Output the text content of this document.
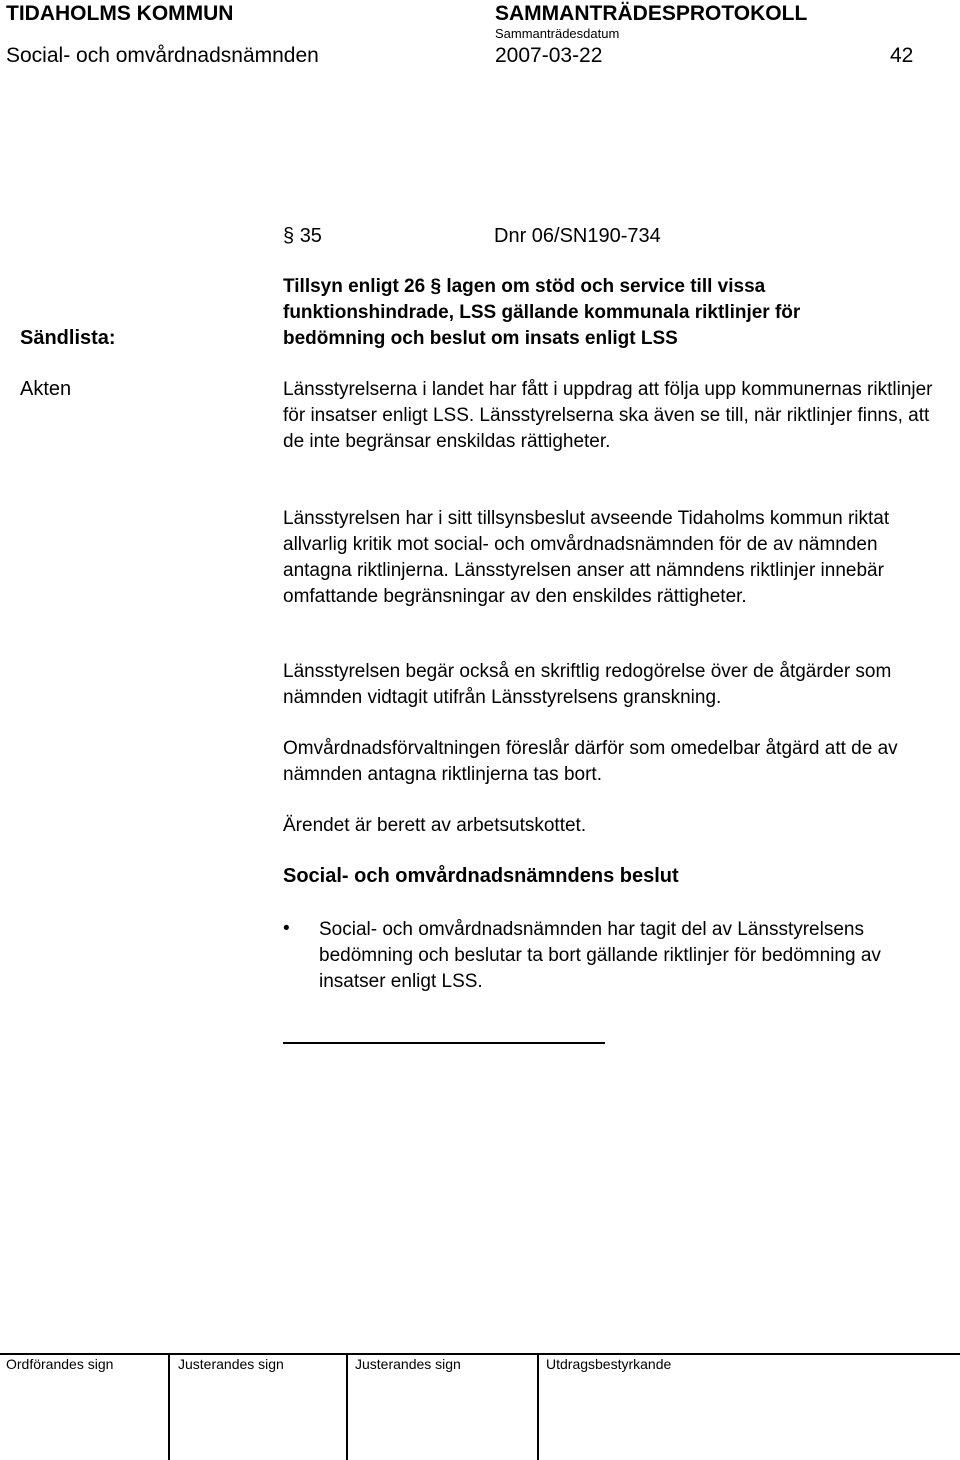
TIDAHOLMS KOMMUN	SAMMANTRÄDESPROTOKOLL
Sammanträdesdatum
Social- och omvårdnadsnämnden	2007-03-22	42
§ 35	Dnr 06/SN190-734
Sändlista:
Akten
Tillsyn enligt 26 § lagen om stöd och service till vissa
funktionshindrade, LSS gällande kommunala riktlinjer för
bedömning och beslut om insats enligt LSS

Länsstyrelserna i landet har fått i uppdrag att följa upp kommunernas riktlinjer för insatser enligt LSS. Länsstyrelserna ska även se till, när riktlinjer finns, att de inte begränsar enskildas rättigheter.

Länsstyrelsen har i sitt tillsynsbeslut avseende Tidaholms kommun riktat allvarlig kritik mot social- och omvårdnadsnämnden för de av nämnden antagna riktlinjerna. Länsstyrelsen anser att nämndens riktlinjer innebär omfattande begränsningar av den enskildes rättigheter.

Länsstyrelsen begär också en skriftlig redogörelse över de åtgärder som nämnden vidtagit utifrån Länsstyrelsens granskning.

Omvårdnadsförvaltningen föreslår därför som omedelbar åtgärd att de av nämnden antagna riktlinjerna tas bort.

Ärendet är berett av arbetsutskottet.

Social- och omvårdnadsnämndens beslut
• Social- och omvårdnadsnämnden har tagit del av Länsstyrelsens bedömning och beslutar ta bort gällande riktlinjer för bedömning av insatser enligt LSS.

Ordförandes sign	Justerandes sign	Justerandes sign	Utdragsbestyrkande
